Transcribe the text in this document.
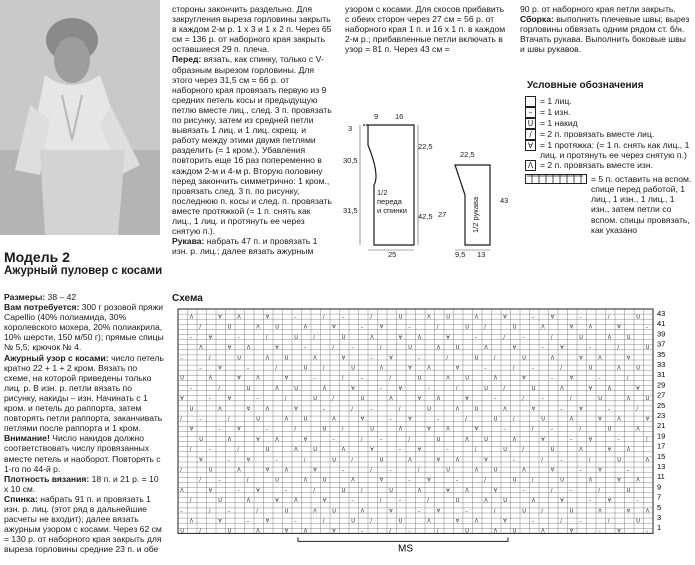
Модель 2
Ажурный пуловер с косами

Размеры: 38 – 42

Вам потребуется: 300 г розовой пряжи Capellio (40% полиамида, 30% королевского мохера, 20% полиакрила, 10% шерсти, 150 м/50 г); прямые спицы № 5,5; крючок № 4.

Ажурный узор с косами: число петель кратно 22 + 1 + 2 кром. Вязать по схеме, на которой приведены только лиц. р. В изн. р. петли вязать по рисунку, накиды – изн. Начинать с 1 кром. и петель до раппорта, затем повторять петли раппорта, заканчивать петлями после раппорта и 1 кром. Внимание! Число накидов должно соответствовать числу провязанных вместе петель и наоборот. Повторять с 1-го по 44-й р.

Плотность вязания: 18 п. и 21 р. = 10 х 10 см.

Спинка: набрать 91 п. и провязать 1 изн. р. лиц. (этот ряд в дальнейшие расчеты не входит); далее вязать ажурным узором с косами. Через 62 см = 130 р. от наборного края закрыть для выреза горловины средние 23 п. и обе

стороны закончить раздельно. Для закругления выреза горловины закрыть в каждом 2-м р. 1 х 3 и 1 х 2 п. Через 65 см = 136 р. от наборного края закрыть оставшиеся 29 п. плеча.

Перед: вязать, как спинку, только с V-образным вырезом горловины. Для этого через 31,5 см = 66 р. от наборного края провязать первую из 9 средних петель косы и предыдущую петлю вместе лиц., след. 3 п. провязать по рисунку, затем из средней петли вывязать 1 лиц. и 1 лиц. скрещ. и работу между этими двумя петлями разделить (= 1 кром.). Убавления повторить еще 16 раз попеременно в каждом 2-м и 4-м р. Вторую половину перед закончить симметрично: 1 кром., провязать след. 3 п. по рисунку, последнюю п. косы и след. п. провязать вместе протяжкой (= 1 п. снять как лиц., 1 лиц. и протянуть ее через снятую п.).

Рукава: набрать 47 п. и провязать 1 изн. р. лиц.; далее вязать ажурным

узором с косами. Для скосов прибавить с обеих сторон через 27 см = 56 р. от наборного края 1 п. и 16 х 1 п. в каждом 2-м р.; прибавленные петли включать в узор = 81 п. Через 43 см =

90 р. от наборного края петли закрыть.

Сборка: выполнить плечевые швы; вырез горловины обвязать одним рядом ст. б/н. Втачать рукава. Выполнить боковые швы и швы рукавов.

1/2
переда
и спинки	1/2 рукава
3
9 16
22,5
30,5
31,5
25
22,5
42,5 27
43
9,5 13
Условные обозначения
= 1 лиц.
– = 1 изн.
U = 1 накид
/ = 2 п. провязать вместе лиц.
∀ = 1 протяжка: (= 1 п. снять как лиц., 1 лиц. и протянуть ее через снятую п.)
Λ = 2 п. провязать вместе изн.
= 5 п. оставить на вспом. спице перед работой, 1 лиц., 1 изн., 1 лиц., 1 изн., затем петли со вспом. спицы провязать, как указано
Схема
U	/	U	Λ	∀	Λ	∀	–	/	–	/	U	Λ	U	Λ	∀	–	∀	–
Λ	∀	–	∀	–	/	U	/	U	Λ	∀	Λ	∀	–	/	–	/	U
–	/	–	/	U	Λ	U	Λ	∀	–	∀	–	/	U	/	U	Λ	∀	Λ
/	U	Λ	∀	Λ	∀	–	/	–	/	U	Λ	U	Λ	∀	–	∀	–
Λ	∀	–	∀	–	/	U	/	U	Λ	∀	Λ	∀	–	/	–	/	U
/	–	/	U	Λ	U	Λ	∀	–	∀	–	/	U	/	U	Λ	∀	Λ
/	U	Λ	∀	Λ	∀	–	/	–	/	U	Λ	U	Λ	∀	–	∀	–
∀	–	∀	–	/	U	/	U	Λ	∀	Λ	∀	–	/	–	/	U	Λ
/	–	/	U	Λ	U	Λ	∀	–	∀	–	/	U	/	U	Λ	∀	Λ
U	Λ	∀	Λ	∀	–	/	–	/	U	Λ	U	Λ	∀	–	∀	–	/
∀	–	∀	–	/	U	/	U	Λ	∀	Λ	∀	–	/	–	/	U	Λ
/	–	/	U	Λ	U	Λ	∀	–	∀	–	/	U	/	U	Λ	∀	Λ	∀
U	Λ	∀	Λ	∀	–	/	–	/	U	Λ	U	Λ	∀	–	∀	–	/
∀	–	∀	–	/	U	/	U	Λ	∀	Λ	∀	–	/	–	/	U	Λ	U
–	/	U	Λ	U	Λ	∀	–	∀	–	/	U	/	U	Λ	∀	Λ	∀
U	Λ	∀	Λ	∀	–	/	–	/	U	Λ	U	Λ	∀	–	∀	–	/
–	∀	–	/	U	/	U	Λ	∀	Λ	∀	–	/	–	/	U	Λ	U
–	/	U	Λ	U	Λ	∀	–	∀	–	/	U	/	U	Λ	∀	Λ	∀
Λ	∀	Λ	∀	–	/	–	/	U	Λ	U	Λ	∀	–	∀	–	/	U
–	∀	–	/	U	/	U	Λ	∀	Λ	∀	–	/	–	/	U	Λ	U
/	U	Λ	U	Λ	∀	–	∀	–	/	U	/	U	Λ	∀	Λ	∀	–
Λ	∀	Λ	∀	–	/	–	/	U	Λ	U	Λ	∀	–	∀	–	/	U 43
41
39
37
35
33
31
29
27
25
23
21
19
17
15
13
11
9
7
5
3
1
MS
